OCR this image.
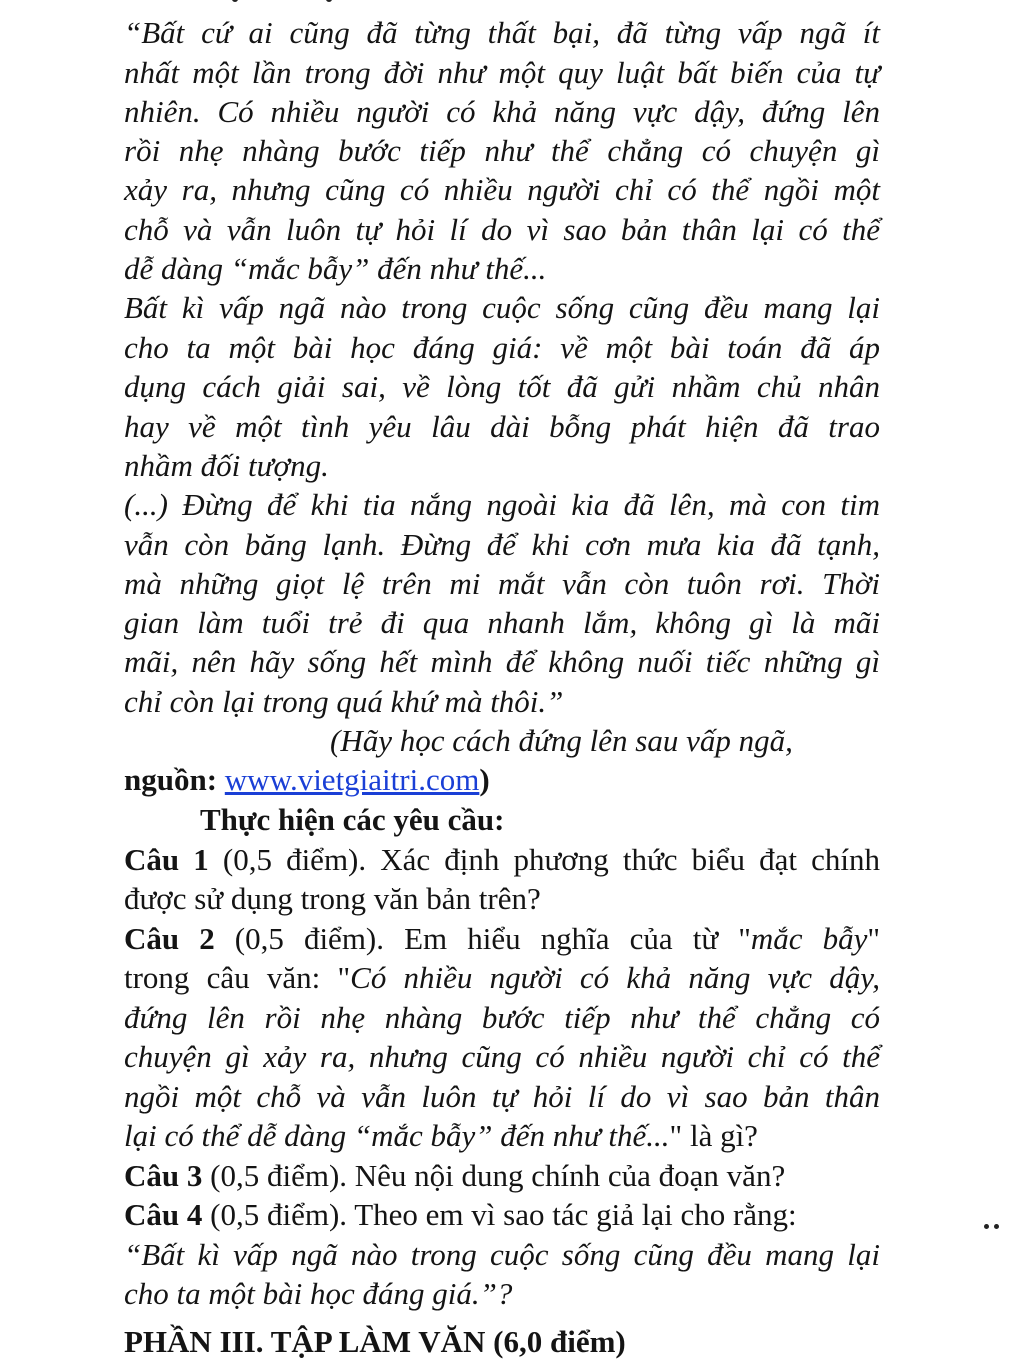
“Bất cứ ai cũng đã từng thất bại, đã từng vấp ngã ít
nhất một lần trong đời như một quy luật bất biến của tự
nhiên. Có nhiều người có khả năng vực dậy, đứng lên
rồi nhẹ nhàng bước tiếp như thể chẳng có chuyện gì
xảy ra, nhưng cũng có nhiều người chỉ có thể ngồi một
chỗ và vẫn luôn tự hỏi lí do vì sao bản thân lại có thể
dễ dàng “mắc bẫy” đến như thế...
Bất kì vấp ngã nào trong cuộc sống cũng đều mang lại
cho ta một bài học đáng giá: về một bài toán đã áp
dụng cách giải sai, về lòng tốt đã gửi nhầm chủ nhân
hay về một tình yêu lâu dài bỗng phát hiện đã trao
nhầm đối tượng.
(...) Đừng để khi tia nắng ngoài kia đã lên, mà con tim
vẫn còn băng lạnh. Đừng để khi cơn mưa kia đã tạnh,
mà những giọt lệ trên mi mắt vẫn còn tuôn rơi. Thời
gian làm tuổi trẻ đi qua nhanh lắm, không gì là mãi
mãi, nên hãy sống hết mình để không nuối tiếc những gì
chỉ còn lại trong quá khứ mà thôi.”
(Hãy học cách đứng lên sau vấp ngã,
nguồn: www.vietgiaitri.com)
Thực hiện các yêu cầu:
Câu 1 (0,5 điểm). Xác định phương thức biểu đạt chính
được sử dụng trong văn bản trên?
Câu 2 (0,5 điểm). Em hiểu nghĩa của từ "mắc bẫy"
trong câu văn: "Có nhiều người có khả năng vực dậy,
đứng lên rồi nhẹ nhàng bước tiếp như thể chẳng có
chuyện gì xảy ra, nhưng cũng có nhiều người chỉ có thể
ngồi một chỗ và vẫn luôn tự hỏi lí do vì sao bản thân
lại có thể dễ dàng “mắc bẫy” đến như thế..." là gì?
Câu 3 (0,5 điểm). Nêu nội dung chính của đoạn văn?
Câu 4 (0,5 điểm). Theo em vì sao tác giả lại cho rằng:
“Bất kì vấp ngã nào trong cuộc sống cũng đều mang lại
cho ta một bài học đáng giá.”?
PHẦN III. TẬP LÀM VĂN (6,0 điểm)
